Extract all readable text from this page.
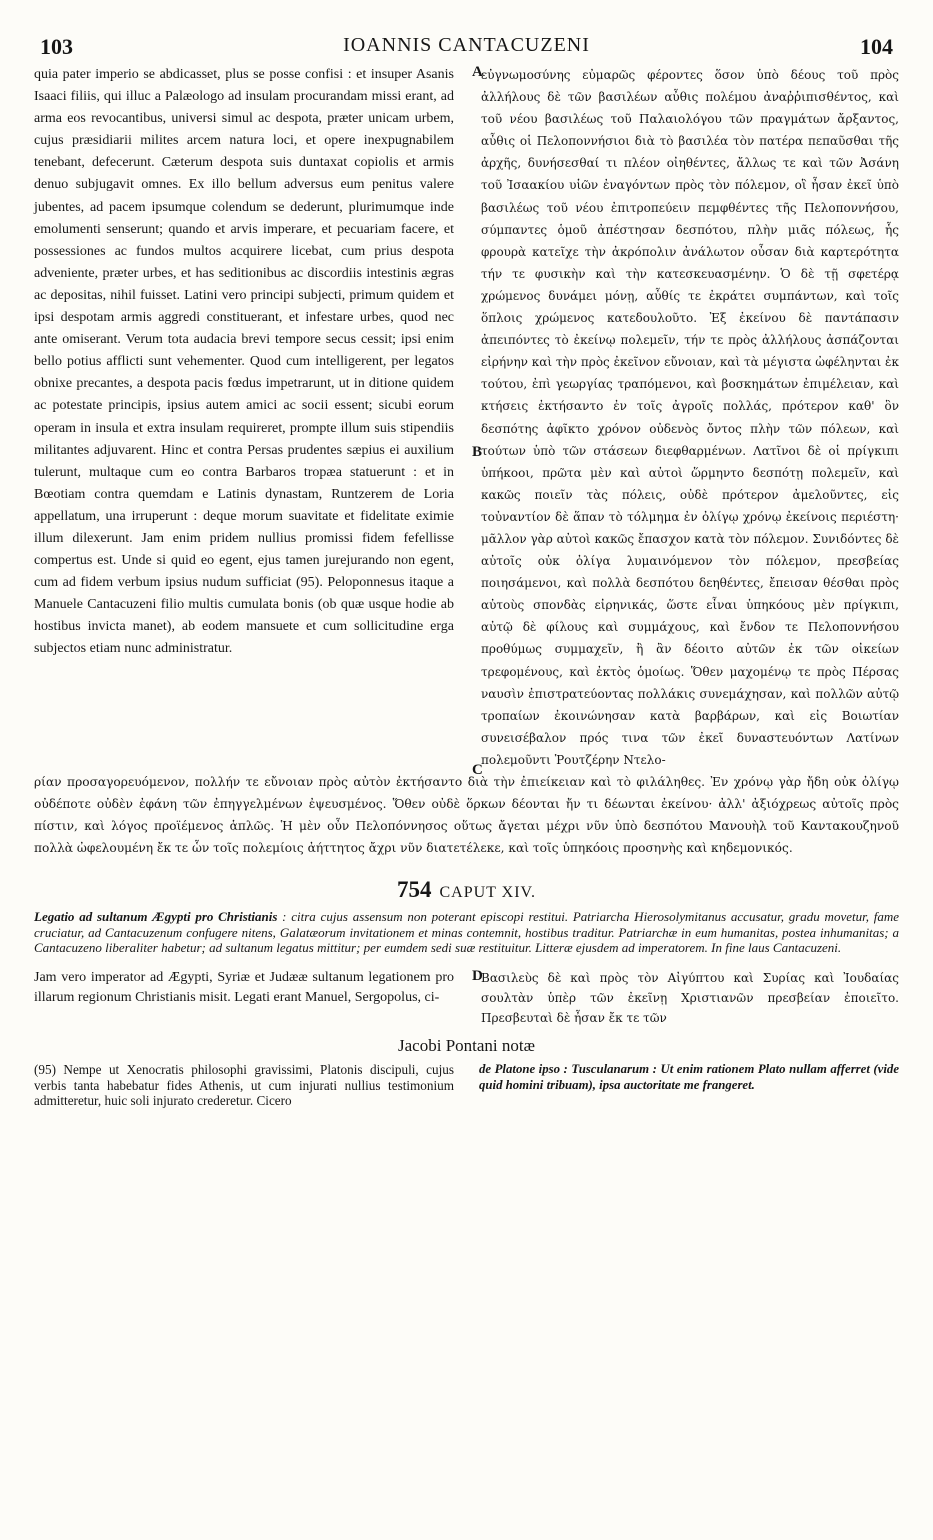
103	IOANNIS CANTACUZENI	104

quia pater imperio se abdicasset, plus se posse confisi : et insuper Asanis Isaaci filiis, qui illuc a Palæologo ad insulam procurandam missi erant, ad arma eos revocantibus, universi simul ac despota, præter unicam urbem, cujus præsidiarii milites arcem natura loci, et opere inexpugnabilem tenebant, defecerunt. Cæterum despota suis duntaxat copiolis et armis denuo subjugavit omnes. Ex illo bellum adversus eum penitus valere jubentes, ad pacem ipsumque colendum se dederunt, plurimumque inde emolumenti senserunt; quando et arvis imperare, et pecuariam facere, et possessiones ac fundos multos acquirere licebat, cum prius despota adveniente, præter urbes, et has seditionibus ac discordiis intestinis ægras ac depositas, nihil fuisset. Latini vero principi subjecti, primum quidem et ipsi despotam armis aggredi constituerant, et infestare urbes, quod nec ante omiserant. Verum tota audacia brevi tempore secus cessit; ipsi enim bello potius afflicti sunt vehementer. Quod cum intelligerent, per legatos obnixe precantes, a despota pacis fœdus impetrarunt, ut in ditione quidem ac potestate principis, ipsius autem amici ac socii essent; sicubi eorum operam in insula et extra insulam requireret, prompte illum suis stipendiis militantes adjuvarent. Hinc et contra Persas prudentes sæpius ei auxilium tulerunt, multaque cum eo contra Barbaros tropæa statuerunt : et in Bœotiam contra quemdam e Latinis dynastam, Runtzerem de Loria appellatum, una irruperunt : deque morum suavitate et fidelitate eximie illum dilexerunt. Jam enim pridem nullius promissi fidem fefellisse compertus est. Unde si quid eo egent, ejus tamen jurejurando non egent, cum ad fidem verbum ipsius nudum sufficiat (95). Peloponnesus itaque a Manuele Cantacuzeni filio multis cumulata bonis (ob quæ usque hodie ab hostibus invicta manet), ab eodem mansuete et cum sollicitudine erga subjectos etiam nunc administratur.

A
B
C

εὐγνωμοσύνης εὐμαρῶς φέροντες ὅσον ὑπὸ δέους τοῦ πρὸς ἀλλήλους δὲ τῶν βασιλέων αὖθις πολέμου ἀναῤῥιπισθέντος, καὶ τοῦ νέου βασιλέως τοῦ Παλαιολόγου τῶν πραγμάτων ἄρξαντος, αὖθις οἱ Πελοποννήσιοι διὰ τὸ βασιλέα τὸν πατέρα πεπαῦσθαι τῆς ἀρχῆς, δυνήσεσθαί τι πλέον οἰηθέντες, ἄλλως τε καὶ τῶν Ἀσάνη τοῦ Ἰσαακίου υἱῶν ἐναγόντων πρὸς τὸν πόλεμον, οἳ ἦσαν ἐκεῖ ὑπὸ βασιλέως τοῦ νέου ἐπιτροπεύειν πεμφθέντες τῆς Πελοποννήσου, σύμπαντες ὁμοῦ ἀπέστησαν δεσπότου, πλὴν μιᾶς πόλεως, ἧς φρουρὰ κατεῖχε τὴν ἀκρόπολιν ἀνάλωτον οὖσαν διὰ καρτερότητα τήν τε φυσικὴν καὶ τὴν κατεσκευασμένην. Ὁ δὲ τῇ σφετέρᾳ χρώμενος δυνάμει μόνῃ, αὖθίς τε ἐκράτει συμπάντων, καὶ τοῖς ὅπλοις χρώμενος κατεδουλοῦτο. Ἐξ ἐκείνου δὲ παντάπασιν ἀπειπόντες τὸ ἐκείνῳ πολεμεῖν, τήν τε πρὸς ἀλλήλους ἀσπάζονται εἰρήνην καὶ τὴν πρὸς ἐκεῖνον εὔνοιαν, καὶ τὰ μέγιστα ὠφέληνται ἐκ τούτου, ἐπὶ γεωργίας τραπόμενοι, καὶ βοσκημάτων ἐπιμέλειαν, καὶ κτήσεις ἐκτήσαντο ἐν τοῖς ἀγροῖς πολλάς, πρότερον καθ' ὃν δεσπότης ἀφῖκτο χρόνον οὐδενὸς ὄντος πλὴν τῶν πόλεων, καὶ τούτων ὑπὸ τῶν στάσεων διεφθαρμένων. Λατῖνοι δὲ οἱ πρίγκιπι ὑπήκοοι, πρῶτα μὲν καὶ αὐτοὶ ὥρμηντο δεσπότῃ πολεμεῖν, καὶ κακῶς ποιεῖν τὰς πόλεις, οὐδὲ πρότερον ἀμελοῦντες, εἰς τοὐναντίον δὲ ἅπαν τὸ τόλμημα ἐν ὀλίγῳ χρόνῳ ἐκείνοις περιέστη· μᾶλλον γὰρ αὐτοὶ κακῶς ἔπασχον κατὰ τὸν πόλεμον. Συνιδόντες δὲ αὐτοῖς οὐκ ὀλίγα λυμαινόμενον τὸν πόλεμον, πρεσβείας ποιησάμενοι, καὶ πολλὰ δεσπότου δεηθέντες, ἔπεισαν θέσθαι πρὸς αὐτοὺς σπονδὰς εἰρηνικάς, ὥστε εἶναι ὑπηκόους μὲν πρίγκιπι, αὐτῷ δὲ φίλους καὶ συμμάχους, καὶ ἔνδον τε Πελοποννήσου προθύμως συμμαχεῖν, ἢ ἂν δέοιτο αὐτῶν ἐκ τῶν οἰκείων τρεφομένους, καὶ ἐκτὸς ὁμοίως. Ὅθεν μαχομένῳ τε πρὸς Πέρσας ναυσὶν ἐπιστρατεύοντας πολλάκις συνεμάχησαν, καὶ πολλῶν αὐτῷ τροπαίων ἐκοινώνησαν κατὰ βαρβάρων, καὶ εἰς Βοιωτίαν συνεισέβαλον πρός τινα τῶν ἐκεῖ δυναστευόντων Λατίνων πολεμοῦντι Ῥουτζέρην Ντελο-

ρίαν προσαγορευόμενον, πολλήν τε εὔνοιαν πρὸς αὐτὸν ἐκτήσαντο διὰ τὴν ἐπιείκειαν καὶ τὸ φιλάληθες. Ἐν χρόνῳ γὰρ ἤδη οὐκ ὀλίγῳ οὐδέποτε οὐδὲν ἐφάνη τῶν ἐπηγγελμένων ἐψευσμένος. Ὅθεν οὐδὲ ὅρκων δέονται ἤν τι δέωνται ἐκείνου· ἀλλ' ἀξιόχρεως αὐτοῖς πρὸς πίστιν, καὶ λόγος προϊέμενος ἁπλῶς. Ἡ μὲν οὖν Πελοπόννησος οὕτως ἄγεται μέχρι νῦν ὑπὸ δεσπότου Μανουὴλ τοῦ Καντακουζηνοῦ πολλὰ ὠφελουμένη ἔκ τε ὧν τοῖς πολεμίοις ἀήττητος ἄχρι νῦν διατετέλεκε, καὶ τοῖς ὑπηκόοις προσηνὴς καὶ κηδεμονικός.

754 CAPUT XIV.
Legatio ad sultanum Ægypti pro Christianis : citra cujus assensum non poterant episcopi restitui. Patriarcha Hierosolymitanus accusatur, gradu movetur, fame cruciatur, ad Cantacuzenum confugere nitens, Galatæorum invitationem et minas contemnit, hostibus traditur. Patriarchæ in eum humanitas, postea inhumanitas; a Cantacuzeno liberaliter habetur; ad sultanum legatus mittitur; per eumdem sedi suæ restituitur. Litteræ ejusdem ad imperatorem. In fine laus Cantacuzeni.

Jam vero imperator ad Ægypti, Syriæ et Judææ sultanum legationem pro illarum regionum Christianis misit. Legati erant Manuel, Sergopolus, ci-

D

Βασιλεὺς δὲ καὶ πρὸς τὸν Αἰγύπτου καὶ Συρίας καὶ Ἰουδαίας σουλτὰν ὑπὲρ τῶν ἐκεῖνῃ Χριστιανῶν πρεσβείαν ἐποιεῖτο. Πρεσβευταὶ δὲ ἦσαν ἔκ τε τῶν

Jacobi Pontani notæ

(95) Nempe ut Xenocratis philosophi gravissimi, Platonis discipuli, cujus verbis tanta habebatur fides Athenis, ut cum injurati nullius testimonium admitteretur, huic soli injurato crederetur. Cicero

de Platone ipso : Tusculanarum : Ut enim rationem Plato nullam afferret (vide quid homini tribuam), ipsa auctoritate me frangeret.
